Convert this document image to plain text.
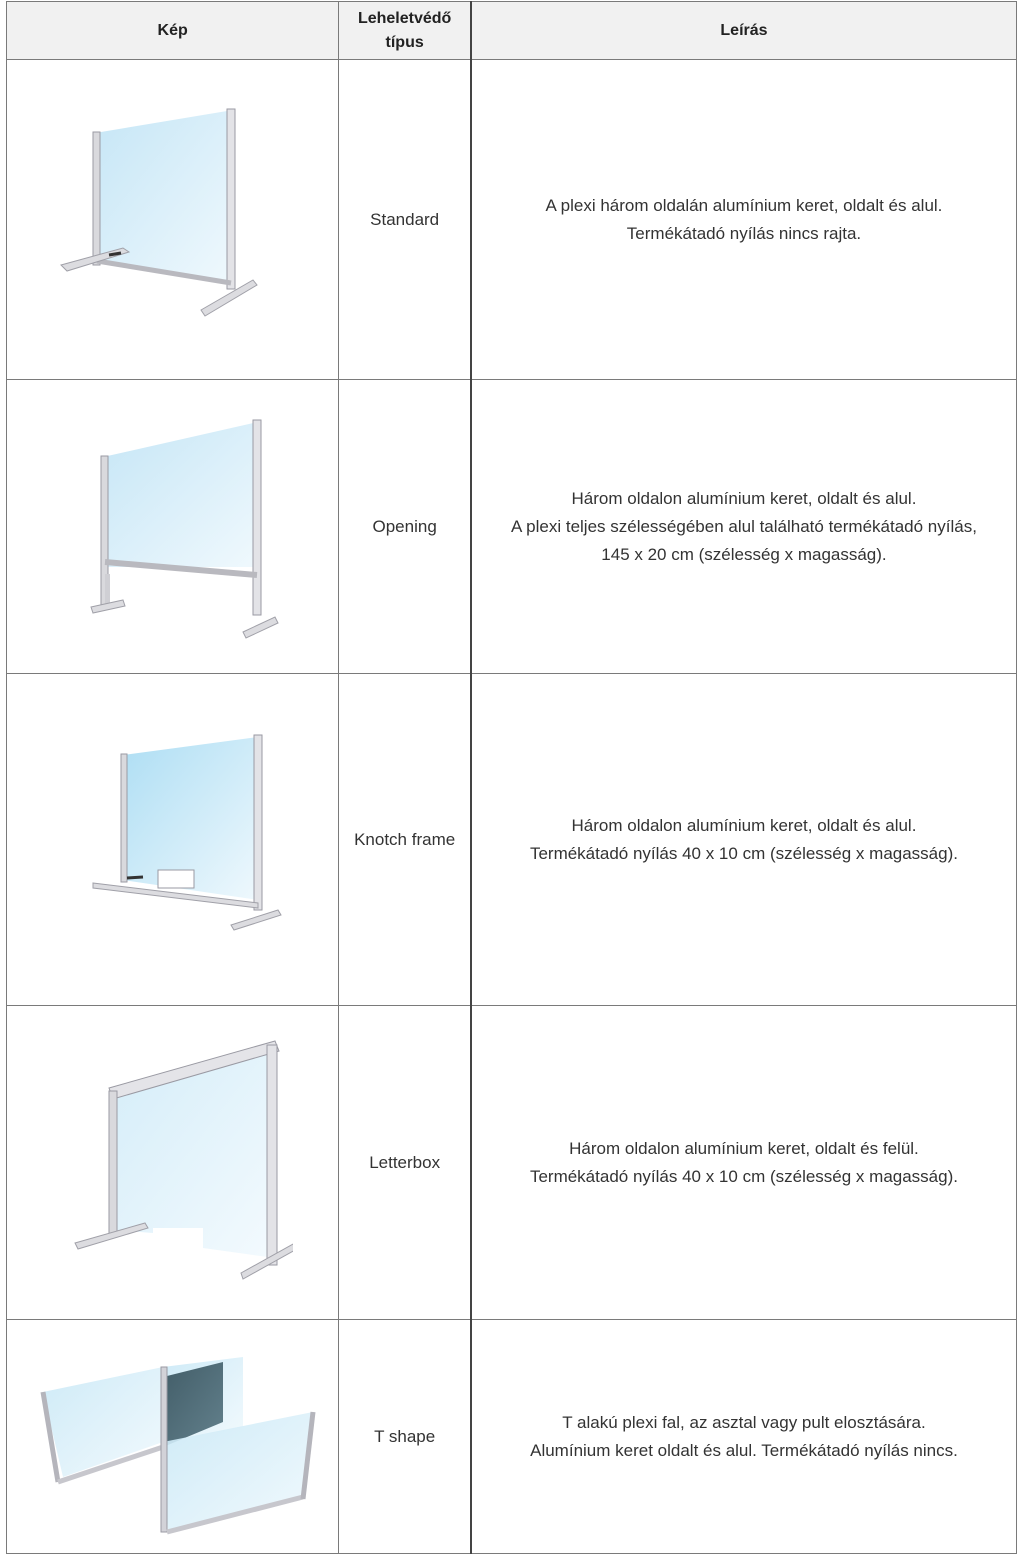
Kép	Leheletvédő típus	Leírás

	Standard	A plexi három oldalán alumínium keret, oldalt és alul.
Termékátadó nyílás nincs rajta.

	Opening	Három oldalon alumínium keret, oldalt és alul.
A plexi teljes szélességében alul található termékátadó nyílás,
145 x 20 cm (szélesség x magasság).

	Knotch frame	Három oldalon alumínium keret, oldalt és alul.
Termékátadó nyílás 40 x 10 cm (szélesség x magasság).

	Letterbox	Három oldalon alumínium keret, oldalt és felül.
Termékátadó nyílás 40 x 10 cm (szélesség x magasság).

	T shape	T alakú plexi fal, az asztal vagy pult elosztására.
Alumínium keret oldalt és alul. Termékátadó nyílás nincs.
